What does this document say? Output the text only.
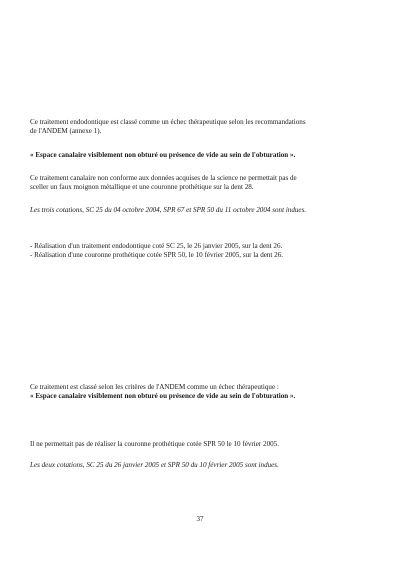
Ce traitement endodontique est classé comme un échec thérapeutique selon les recommandations
de l'ANDEM (annexe 1).

« Espace canalaire visiblement non obturé ou présence de vide au sein de l'obturation ».

Ce traitement canalaire non conforme aux données acquises de la science ne permettait pas de
sceller un faux moignon métallique et une couronne prothétique sur la dent 28.

Les trois cotations, SC 25 du 04 octobre 2004, SPR 67 et SPR 50 du 11 octobre 2004 sont indues.

- Réalisation d'un traitement endodontique coté SC 25, le 26 janvier 2005, sur la dent 26.
- Réalisation d'une couronne prothétique cotée SPR 50, le 10 février 2005, sur la dent 26.

Ce traitement est classé selon les critères de l'ANDEM comme un échec thérapeutique :
« Espace canalaire visiblement non obturé ou présence de vide au sein de l'obturation ».

Il ne permettait pas de réaliser la couronne prothétique cotée SPR 50 le 10 février 2005.

Les deux cotations, SC 25 du 26 janvier 2005 et SPR 50 du 10 février 2005 sont indues.

37
